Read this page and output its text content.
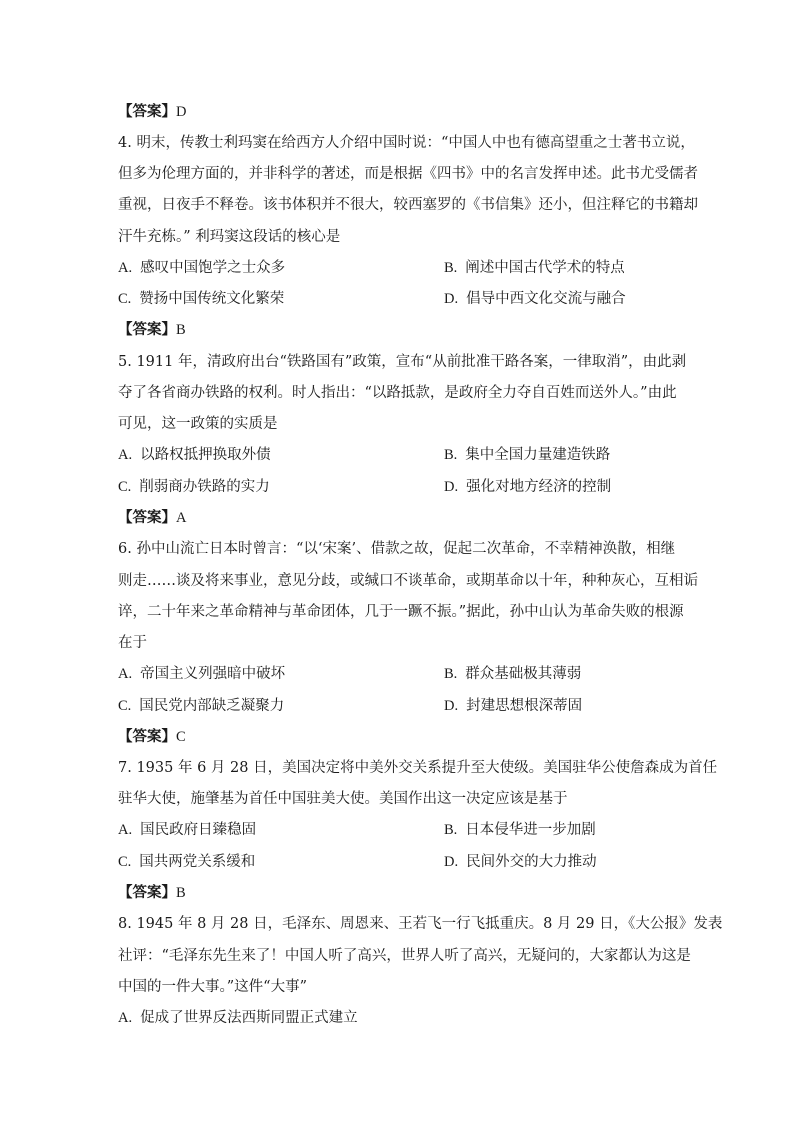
【答案】D
4. 明末，传教士利玛窦在给西方人介绍中国时说：“中国人中也有德高望重之士著书立说，
但多为伦理方面的，并非科学的著述，而是根据《四书》中的名言发挥申述。此书尤受儒者
重视，日夜手不释卷。该书体积并不很大，较西塞罗的《书信集》还小，但注释它的书籍却
汗牛充栋。” 利玛窦这段话的核心是
A. 感叹中国饱学之士众多	B. 阐述中国古代学术的特点
C. 赞扬中国传统文化繁荣	D. 倡导中西文化交流与融合
【答案】B
5. 1911 年，清政府出台“铁路国有”政策，宣布“从前批准干路各案，一律取消”，由此剥
夺了各省商办铁路的权利。时人指出：“以路抵款，是政府全力夺自百姓而送外人。”由此
可见，这一政策的实质是
A. 以路权抵押换取外债	B. 集中全国力量建造铁路
C. 削弱商办铁路的实力	D. 强化对地方经济的控制
【答案】A
6. 孙中山流亡日本时曾言：“以‘宋案’、借款之故，促起二次革命，不幸精神涣散，相继
则走……谈及将来事业，意见分歧，或缄口不谈革命，或期革命以十年，种种灰心，互相诟
谇，二十年来之革命精神与革命团体，几于一蹶不振。”据此，孙中山认为革命失败的根源
在于
A. 帝国主义列强暗中破坏	B. 群众基础极其薄弱
C. 国民党内部缺乏凝聚力	D. 封建思想根深蒂固
【答案】C
7. 1935 年 6 月 28 日，美国决定将中美外交关系提升至大使级。美国驻华公使詹森成为首任
驻华大使，施肇基为首任中国驻美大使。美国作出这一决定应该是基于
A. 国民政府日臻稳固	B. 日本侵华进一步加剧
C. 国共两党关系缓和	D. 民间外交的大力推动
【答案】B
8. 1945 年 8 月 28 日，毛泽东、周恩来、王若飞一行飞抵重庆。8 月 29 日，《大公报》发表
社评：“毛泽东先生来了！中国人听了高兴，世界人听了高兴，无疑问的，大家都认为这是
中国的一件大事。”这件“大事”
A. 促成了世界反法西斯同盟正式建立
